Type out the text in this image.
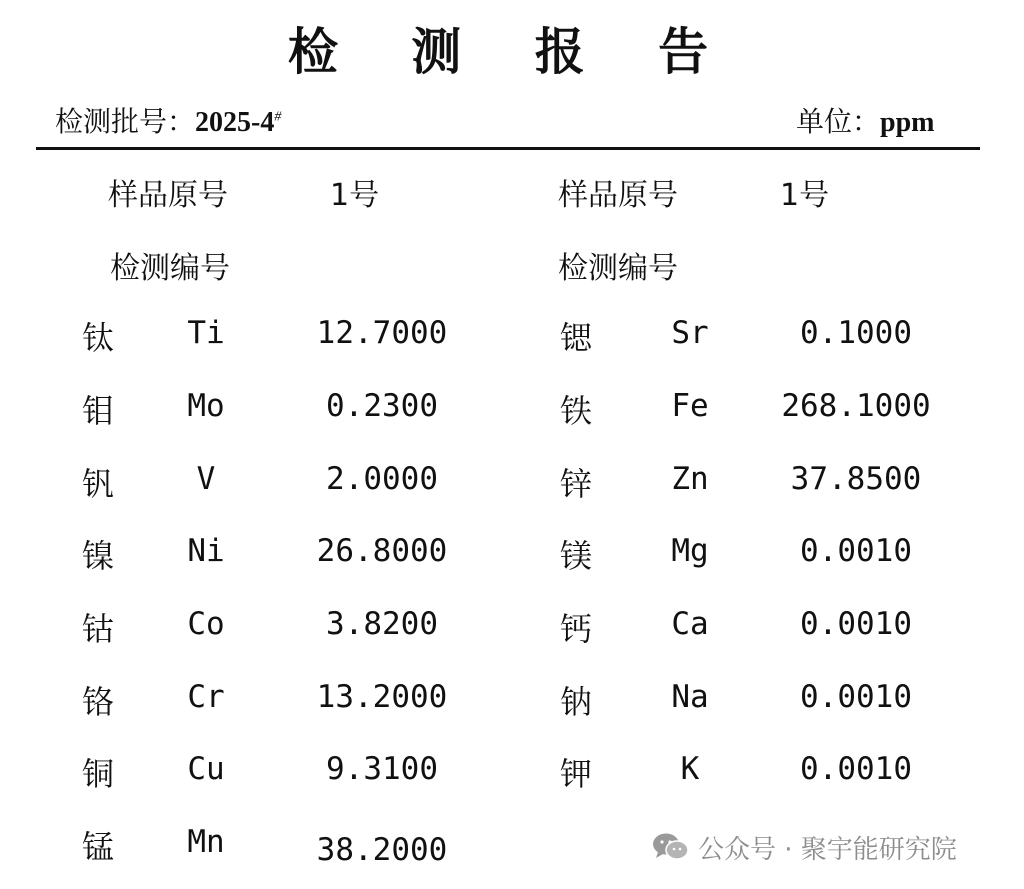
检 测 报 告
检测批号：2025-4#	单位：ppm
样品原号	1号
检测编号
样品原号	1号
检测编号
钛 Ti	12.7000
钼 Mo	0.2300
钒	V	2.0000
镍 Ni	26.8000
钴 Co	3.8200
铬 Cr	13.2000
铜 Cu	9.3100
锰 Mn	38.2000
锶	Sr	0.1000
铁	Fe 268.1000
锌	Zn	37.8500
镁	Mg	0.0010
钙	Ca	0.0010
钠	Na	0.0010
钾	K	0.0010
公众号 · 聚宇能研究院
